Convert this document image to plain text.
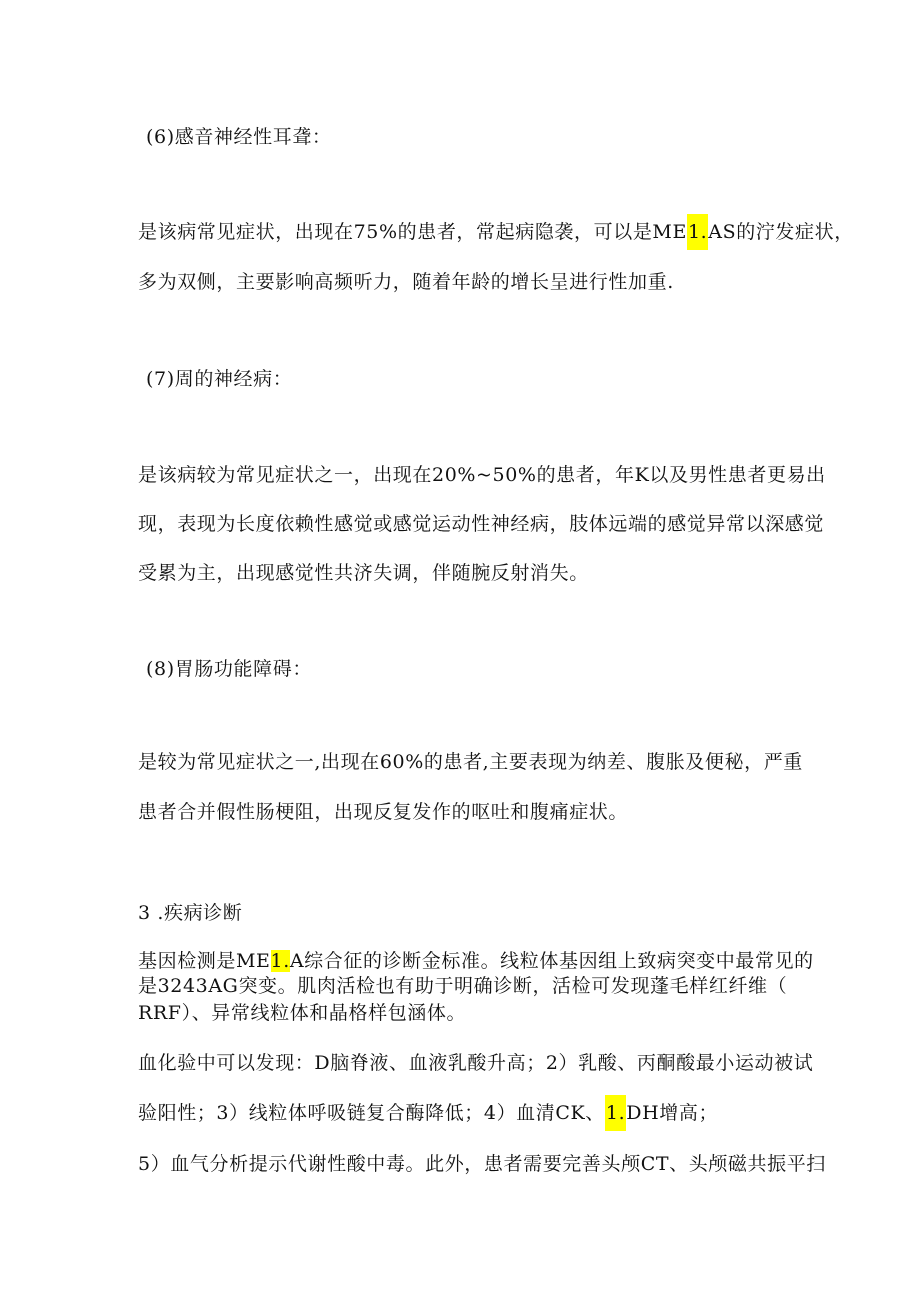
(6)感音神经性耳聋：
是该病常见症状，出现在75%的患者，常起病隐袭，可以是ME1.AS的泞发症状，
多为双侧，主要影响高频听力，随着年龄的增长呈进行性加重.
(7)周的神经病：
是该病较为常见症状之一，出现在20%~50%的患者，年K以及男性患者更易出
现，表现为长度依赖性感觉或感觉运动性神经病，肢体远端的感觉异常以深感觉
受累为主，出现感觉性共济失调，伴随腕反射消失。
(8)胃肠功能障碍：
是较为常见症状之一,出现在60%的患者,主要表现为纳差、腹胀及便秘，严重
患者合并假性肠梗阻，出现反复发作的呕吐和腹痛症状。
3 .疾病诊断
基因检测是ME1.A综合征的诊断金标准。线粒体基因组上致病突变中最常见的
是3243AG突变。肌肉活检也有助于明确诊断，活检可发现蓬毛样红纤维（
RRF）、异常线粒体和晶格样包涵体。
血化验中可以发现：D脑脊液、血液乳酸升高；2）乳酸、丙酮酸最小运动被试
验阳性；3）线粒体呼吸链复合酶降低；4）血清CK、1.DH增高；
5）血气分析提示代谢性酸中毒。此外，患者需要完善头颅CT、头颅磁共振平扫
